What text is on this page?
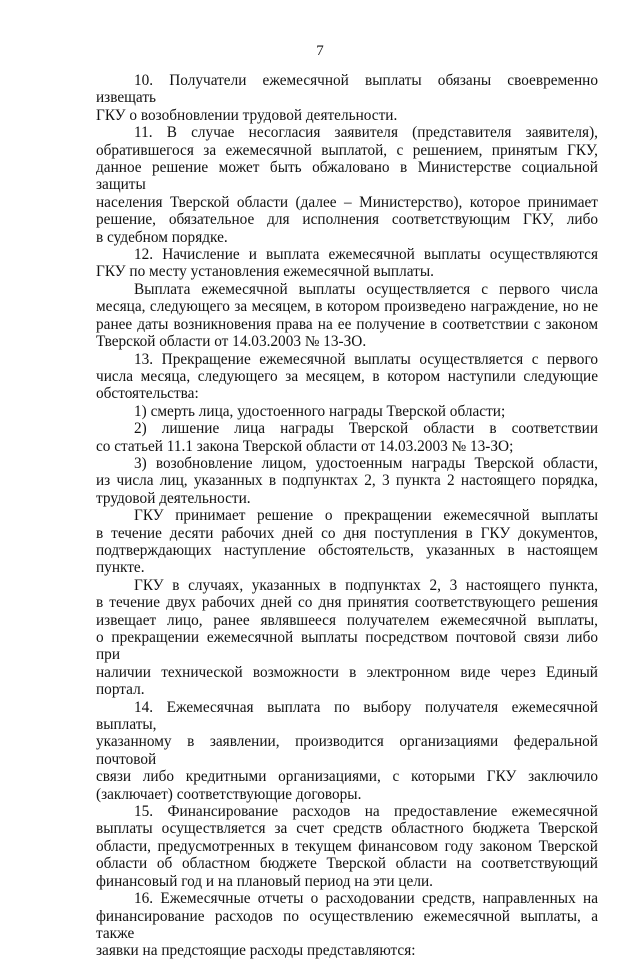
7

10. Получатели ежемесячной выплаты обязаны своевременно извещать
ГКУ о возобновлении трудовой деятельности.

11. В случае несогласия заявителя (представителя заявителя),
обратившегося за ежемесячной выплатой, с решением, принятым ГКУ,
данное решение может быть обжаловано в Министерстве социальной защиты
населения Тверской области (далее – Министерство), которое принимает
решение, обязательное для исполнения соответствующим ГКУ, либо
в судебном порядке.

12. Начисление и выплата ежемесячной выплаты осуществляются
ГКУ по месту установления ежемесячной выплаты.

Выплата ежемесячной выплаты осуществляется с первого числа
месяца, следующего за месяцем, в котором произведено награждение, но не
ранее даты возникновения права на ее получение в соответствии с законом
Тверской области от 14.03.2003 № 13-ЗО.

13. Прекращение ежемесячной выплаты осуществляется с первого
числа месяца, следующего за месяцем, в котором наступили следующие
обстоятельства:

1) смерть лица, удостоенного награды Тверской области;

2) лишение лица награды Тверской области в соответствии
со статьей 11.1 закона Тверской области от 14.03.2003 № 13-ЗО;

3) возобновление лицом, удостоенным награды Тверской области,
из числа лиц, указанных в подпунктах 2, 3 пункта 2 настоящего порядка,
трудовой деятельности.

ГКУ принимает решение о прекращении ежемесячной выплаты
в течение десяти рабочих дней со дня поступления в ГКУ документов,
подтверждающих наступление обстоятельств, указанных в настоящем
пункте.

ГКУ в случаях, указанных в подпунктах 2, 3 настоящего пункта,
в течение двух рабочих дней со дня принятия соответствующего решения
извещает лицо, ранее являвшееся получателем ежемесячной выплаты,
о прекращении ежемесячной выплаты посредством почтовой связи либо при
наличии технической возможности в электронном виде через Единый портал.

14. Ежемесячная выплата по выбору получателя ежемесячной выплаты,
указанному в заявлении, производится организациями федеральной почтовой
связи либо кредитными организациями, с которыми ГКУ заключило
(заключает) соответствующие договоры.

15. Финансирование расходов на предоставление ежемесячной
выплаты осуществляется за счет средств областного бюджета Тверской
области, предусмотренных в текущем финансовом году законом Тверской
области об областном бюджете Тверской области на соответствующий
финансовый год и на плановый период на эти цели.

16. Ежемесячные отчеты о расходовании средств, направленных на
финансирование расходов по осуществлению ежемесячной выплаты, а также
заявки на предстоящие расходы представляются:
